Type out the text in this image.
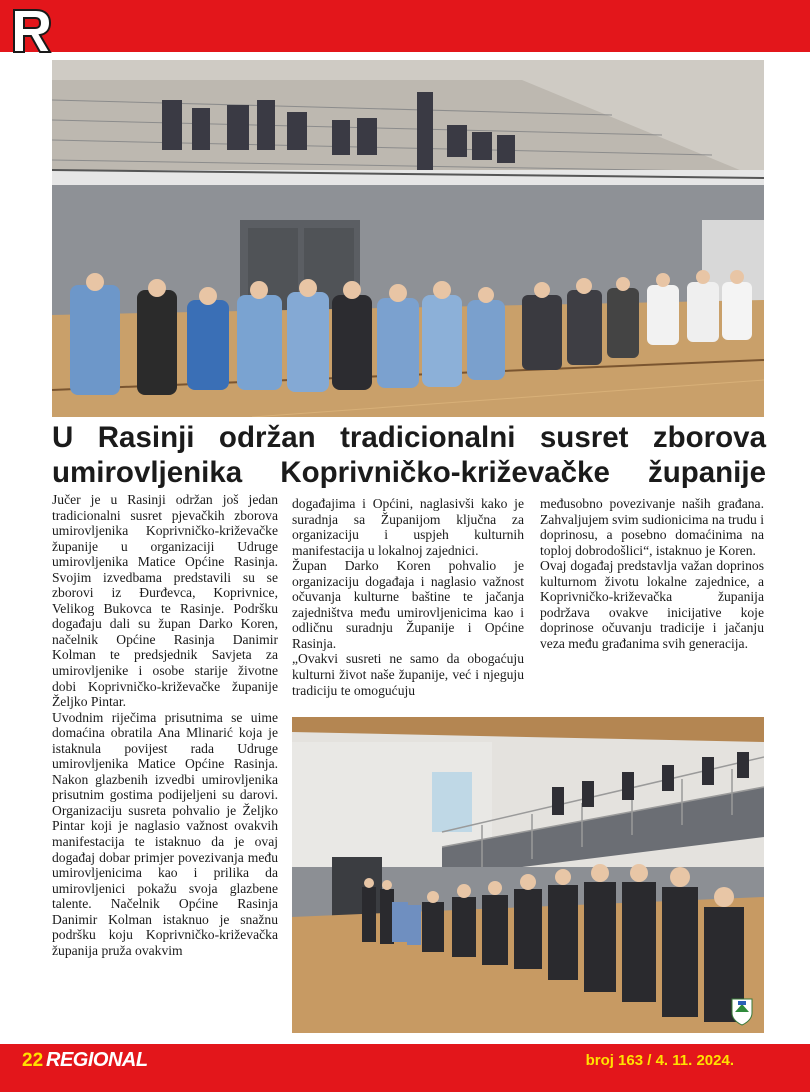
U Rasinji održan tradicionalni susret zborova
umirovljenika Koprivničko-križevačke županije

Jučer je u Rasinji održan još jedan tradicionalni susret pjevačkih zborova umirovljenika Koprivničko-križevačke županije u organizaciji Udruge umirovljenika Matice Općine Rasinja. Svojim izvedbama predstavili su se zborovi iz Đurđevca, Koprivnice, Velikog Bukovca te Rasinje. Podršku događaju dali su župan Darko Koren, načelnik Općine Rasinja Danimir Kolman te predsjednik Savjeta za umirovljenike i osobe starije životne dobi Koprivničko-križevačke županije Željko Pintar.

Uvodnim riječima prisutnima se uime domaćina obratila Ana Mlinarić koja je istaknula povijest rada Udruge umirovljenika Matice Općine Rasinja. Nakon glazbenih izvedbi umirovljenika prisutnim gostima podijeljeni su darovi. Organizaciju susreta pohvalio je Željko Pintar koji je naglasio važnost ovakvih manifestacija te istaknuo da je ovaj događaj dobar primjer povezivanja među umirovljenicima kao i prilika da umirovljenici pokažu svoja glazbene talente. Načelnik Općine Rasinja Danimir Kolman istaknuo je snažnu podršku koju Koprivničko-križevačka županija pruža ovakvim

događajima i Općini, naglasivši kako je suradnja sa Županijom ključna za organizaciju i uspjeh kulturnih manifestacija u lokalnoj zajednici.

Župan Darko Koren pohvalio je organizaciju događaja i naglasio važnost očuvanja kulturne baštine te jačanja zajedništva među umirovljenicima kao i odličnu suradnju Županije i Općine Rasinja.

„Ovakvi susreti ne samo da obogaćuju kulturni život naše županije, već i njeguju tradiciju te omogućuju

međusobno povezivanje naših građana. Zahvaljujem svim sudionicima na trudu i doprinosu, a posebno domaćinima na toploj dobrodošlici“, istaknuo je Koren.

Ovaj događaj predstavlja važan doprinos kulturnom životu lokalne zajednice, a Koprivničko-križevačka županija podržava ovakve inicijative koje doprinose očuvanju tradicije i jačanju veza među građanima svih generacija.

22 REGIONAL	broj 163 / 4. 11. 2024.
